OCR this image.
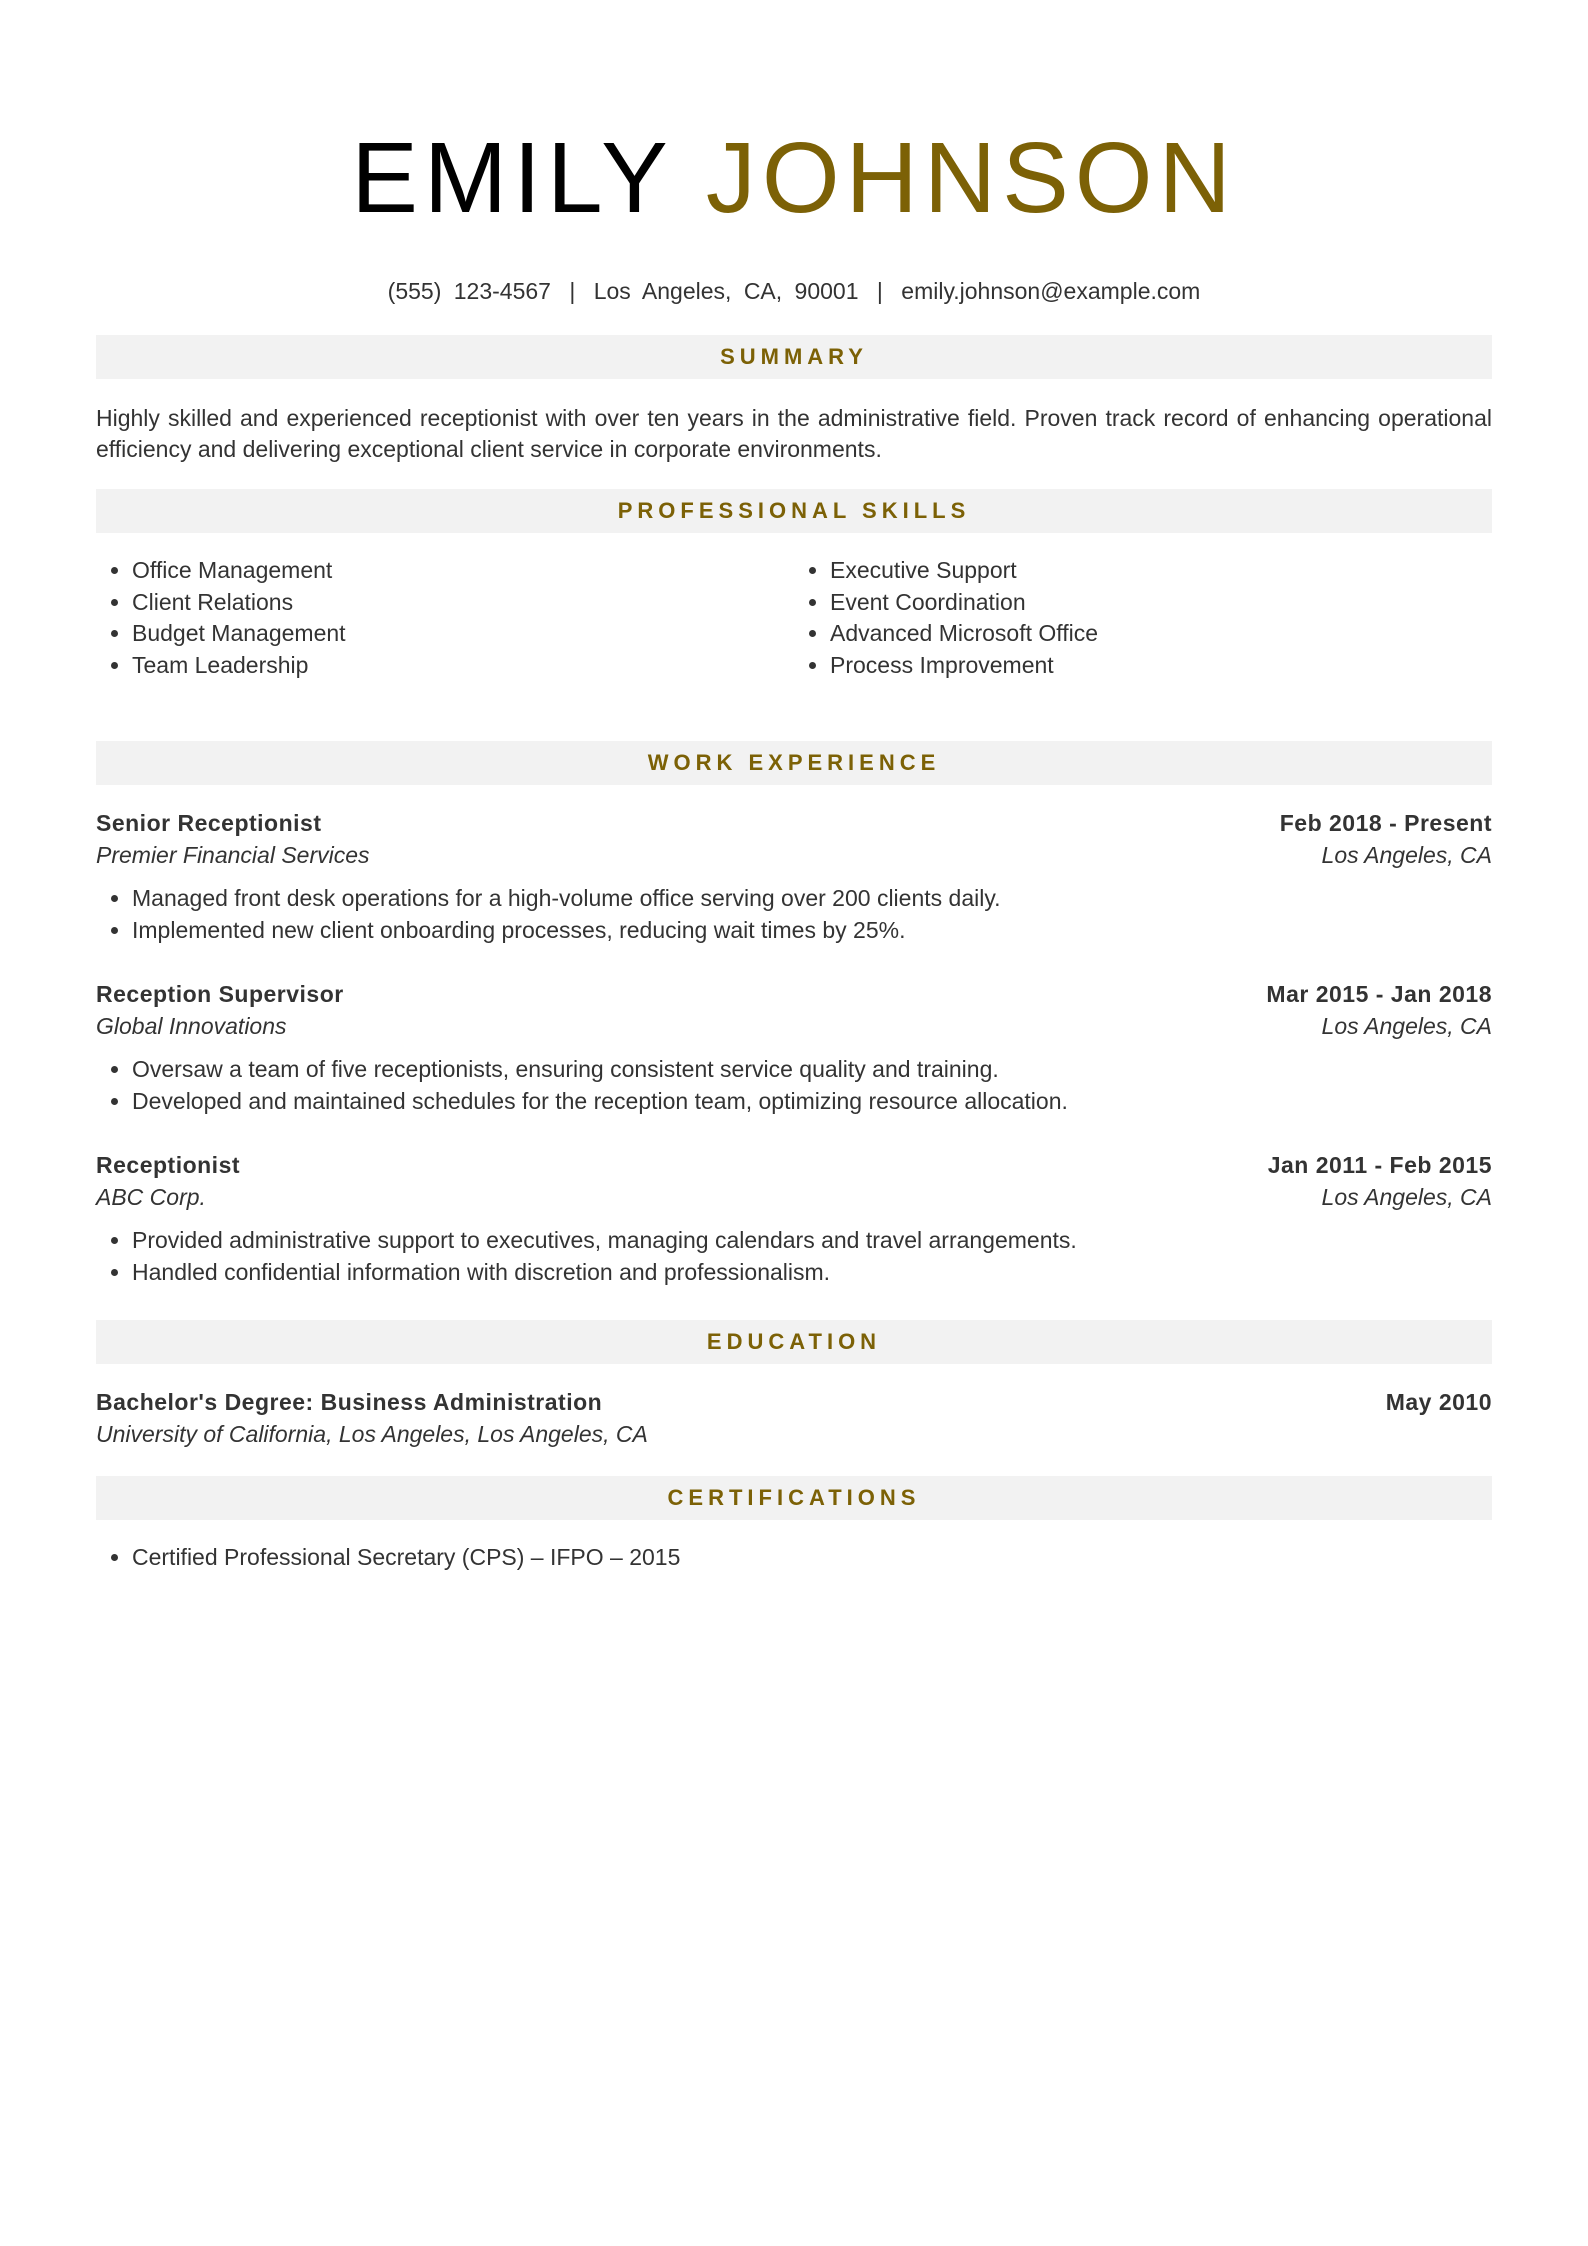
EMILY JOHNSON
(555) 123-4567 | Los Angeles, CA, 90001 | emily.johnson@example.com
SUMMARY

Highly skilled and experienced receptionist with over ten years in the administrative field. Proven track record of enhancing operational efficiency and delivering exceptional client service in corporate environments.

PROFESSIONAL SKILLS
• Office Management
• Client Relations
• Budget Management
• Team Leadership
• Executive Support
• Event Coordination
• Advanced Microsoft Office
• Process Improvement
WORK EXPERIENCE
Senior Receptionist	Feb 2018 - Present
Premier Financial Services	Los Angeles, CA
• Managed front desk operations for a high-volume office serving over 200 clients daily.
• Implemented new client onboarding processes, reducing wait times by 25%.
Reception Supervisor	Mar 2015 - Jan 2018
Global Innovations	Los Angeles, CA
• Oversaw a team of five receptionists, ensuring consistent service quality and training.
• Developed and maintained schedules for the reception team, optimizing resource allocation.
Receptionist	Jan 2011 - Feb 2015
ABC Corp.	Los Angeles, CA
• Provided administrative support to executives, managing calendars and travel arrangements.
• Handled confidential information with discretion and professionalism.
EDUCATION
Bachelor's Degree: Business Administration	May 2010
University of California, Los Angeles, Los Angeles, CA
CERTIFICATIONS
• Certified Professional Secretary (CPS) – IFPO – 2015
